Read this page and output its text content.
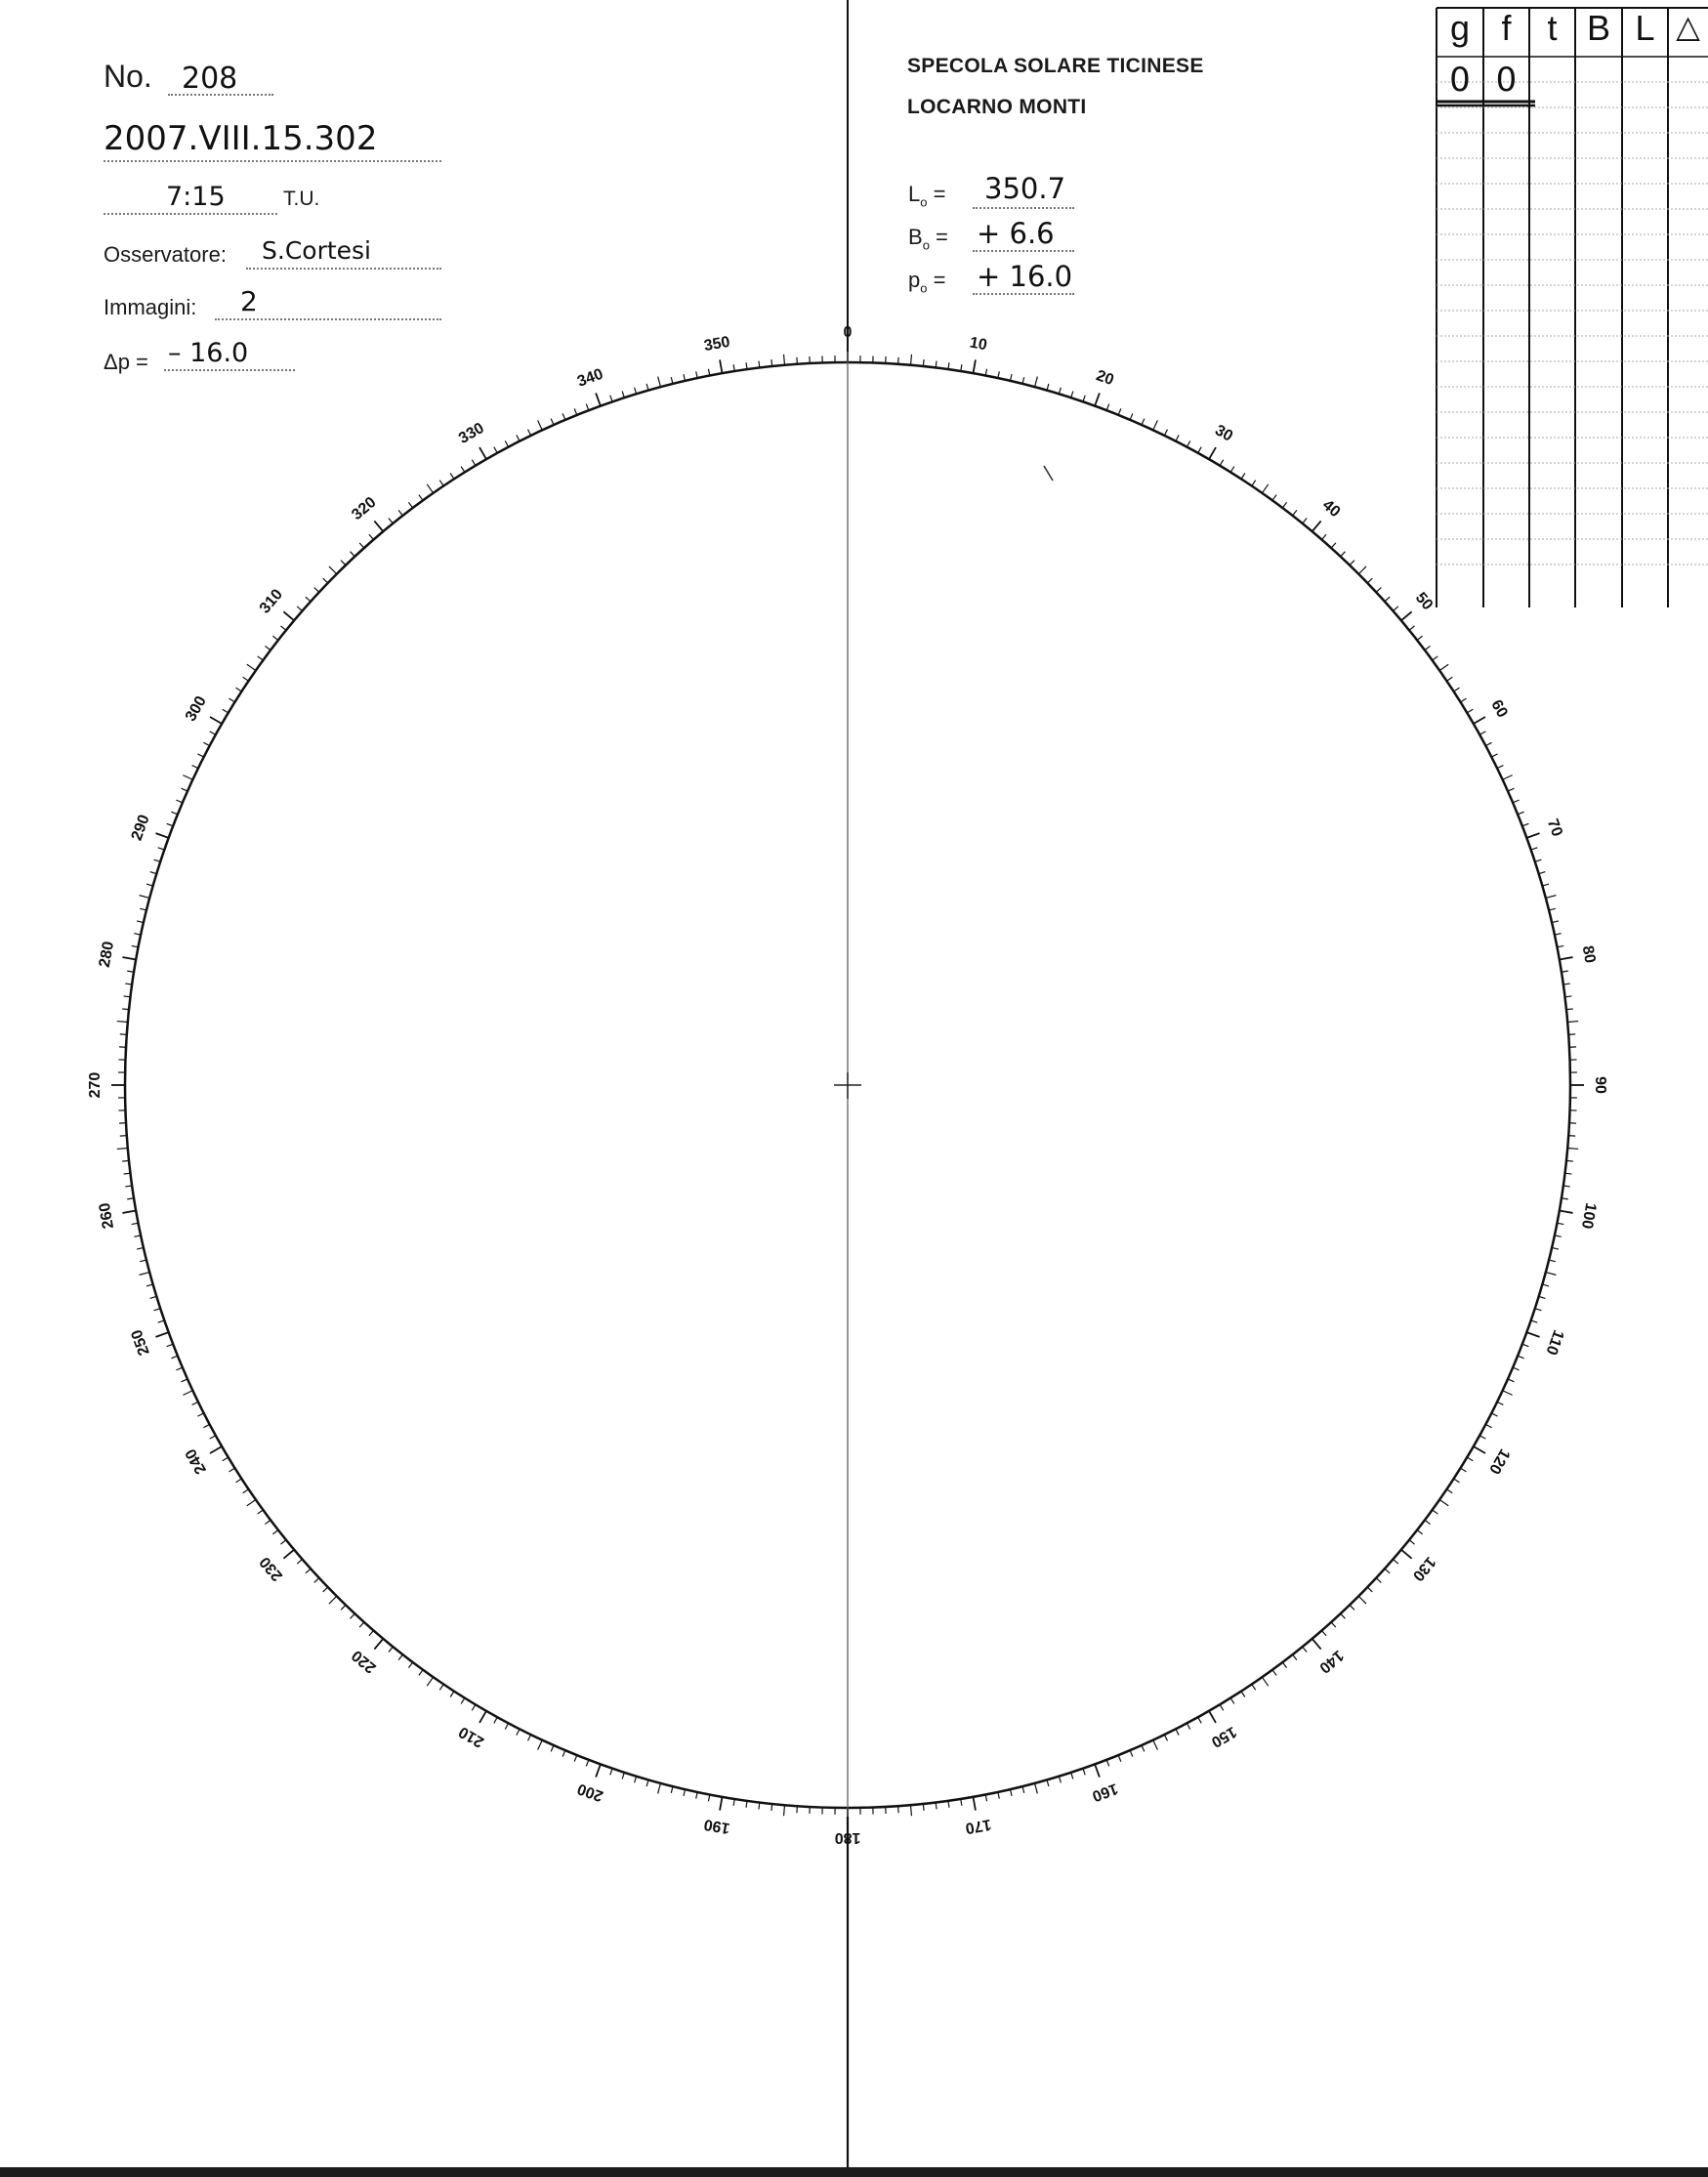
0
10
20
30
40
50
60
70
80
90
100
110
120
130
140
150
160
170
180
190
200
210
220
230
240
250
260
270
280
290
300
310
320
330
340
350
No. 208
2007.VIII.15.302
7:15	T.U.
Osservatore: S.Cortesi
Immagini: 2
Δp = – 16.0
SPECOLA SOLARE TICINESE
LOCARNO MONTI
$L_o = 350.7$
$B_o$ = + 6.6
$p_o$ = + 16.0
g f	t B L △
0 0
